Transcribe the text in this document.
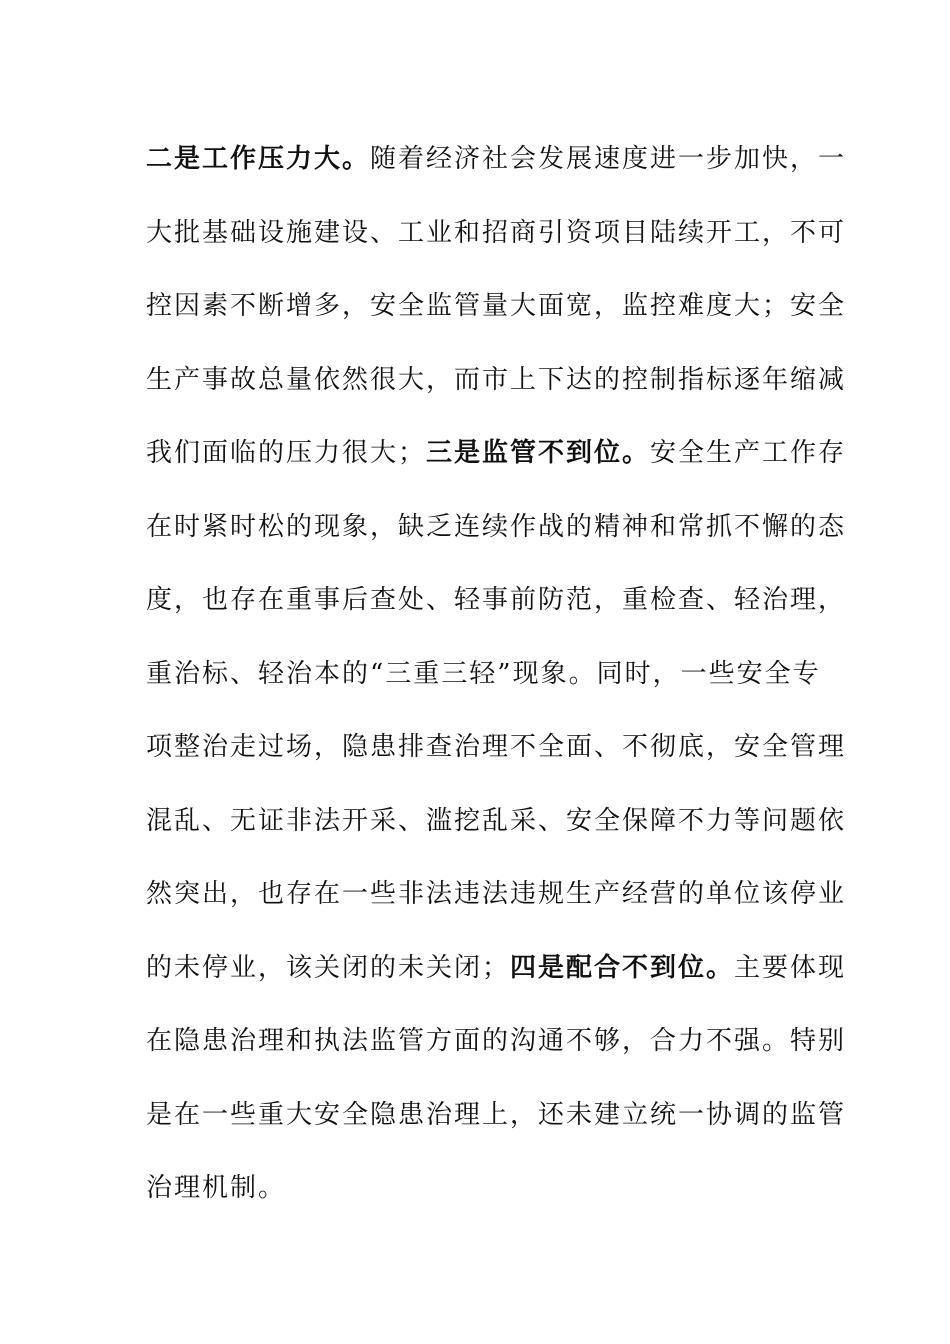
二是工作压力大。随着经济社会发展速度进一步加快，一
大批基础设施建设、工业和招商引资项目陆续开工，不可
控因素不断增多，安全监管量大面宽，监控难度大；安全
生产事故总量依然很大，而市上下达的控制指标逐年缩减
我们面临的压力很大；三是监管不到位。安全生产工作存
在时紧时松的现象，缺乏连续作战的精神和常抓不懈的态
度，也存在重事后查处、轻事前防范，重检查、轻治理，
重治标、轻治本的“三重三轻”现象。同时，一些安全专
项整治走过场，隐患排查治理不全面、不彻底，安全管理
混乱、无证非法开采、滥挖乱采、安全保障不力等问题依
然突出，也存在一些非法违法违规生产经营的单位该停业
的未停业，该关闭的未关闭；四是配合不到位。主要体现
在隐患治理和执法监管方面的沟通不够，合力不强。特别
是在一些重大安全隐患治理上，还未建立统一协调的监管
治理机制。
